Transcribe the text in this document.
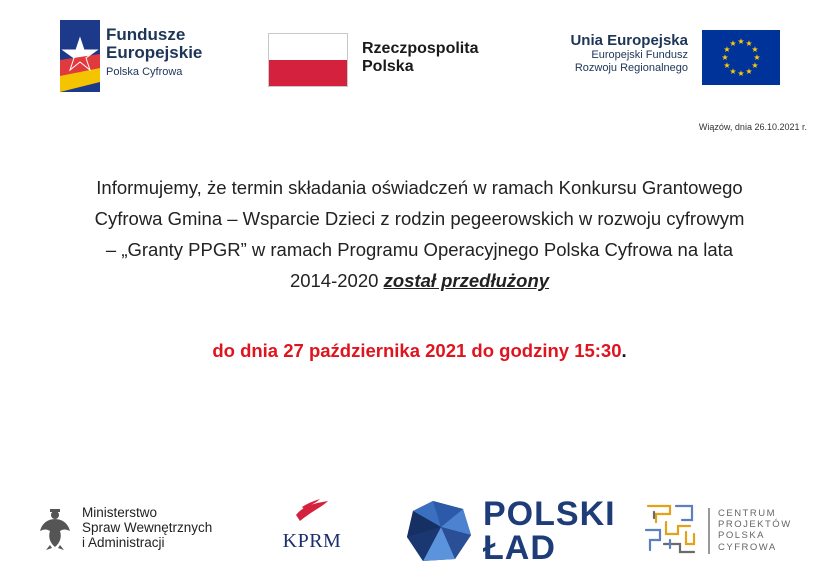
Fundusze
Europejskie
Polska Cyfrowa
Rzeczpospolita
Polska
Unia Europejska
Europejski Fundusz
Rozwoju Regionalnego
★ ★
★
★
★
★
★
★
★
★
★
★
Wiązów, dnia 26.10.2021 r.
Informujemy, że termin składania oświadczeń w ramach Konkursu Grantowego
Cyfrowa Gmina – Wsparcie Dzieci z rodzin pegeerowskich w rozwoju cyfrowym
– „Granty PPGR” w ramach Programu Operacyjnego Polska Cyfrowa na lata
2014-2020 został przedłużony
do dnia 27 października 2021 do godziny 15:30.
Ministerstwo
Spraw Wewnętrznych
i Administracji	KPRM
POLSKI
ŁAD
CENTRUM
PROJEKTÓW
POLSKA
CYFROWA
